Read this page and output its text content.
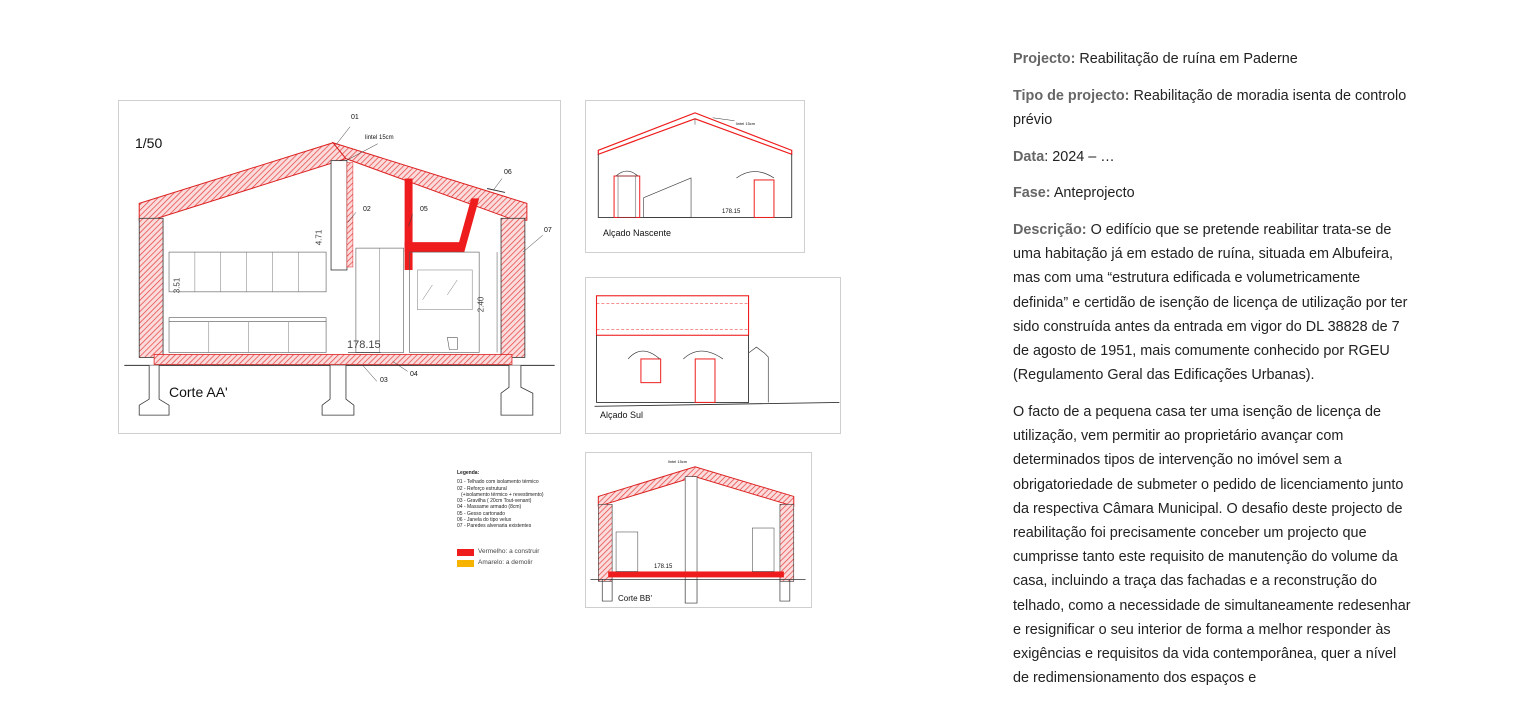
1/50
Corte AA'
lintel 15cm
178.15
4.71
3.51
2.40
01
02	05
06
07
03
04
Alçado Nascente
178.15
lintel 15cm
Alçado Sul
Corte BB'
178.15
lintel 15cm
Legenda:
01 - Telhado com isolamento térmico
02 - Reforço estrutural
(+isolamento térmico + revestimento)
03 - Gravilha ( 20cm Tout-venant)
04 - Massame armado (8cm)
05 - Gesso cartonado
06 - Janela do tipo velux
07 - Paredes alvenaria existentes
Vermelho: a construir
Amarelo: a demolir

Projecto: Reabilitação de ruína em Paderne

Tipo de projecto: Reabilitação de moradia isenta de controlo prévio

Data: 2024 – …

Fase: Anteprojecto

Descrição: O edifício que se pretende reabilitar trata-se de uma habitação já em estado de ruína, situada em Albufeira, mas com uma “estrutura edificada e volumetricamente definida” e certidão de isenção de licença de utilização por ter sido construída antes da entrada em vigor do DL 38828 de 7 de agosto de 1951, mais comumente conhecido por RGEU (Regulamento Geral das Edificações Urbanas).

O facto de a pequena casa ter uma isenção de licença de utilização, vem permitir ao proprietário avançar com determinados tipos de intervenção no imóvel sem a obrigatoriedade de submeter o pedido de licenciamento junto da respectiva Câmara Municipal. O desafio deste projecto de reabilitação foi precisamente conceber um projecto que cumprisse tanto este requisito de manutenção do volume da casa, incluindo a traça das fachadas e a reconstrução do telhado, como a necessidade de simultaneamente redesenhar e resignificar o seu interior de forma a melhor responder às exigências e requisitos da vida contemporânea, quer a nível de redimensionamento dos espaços e
